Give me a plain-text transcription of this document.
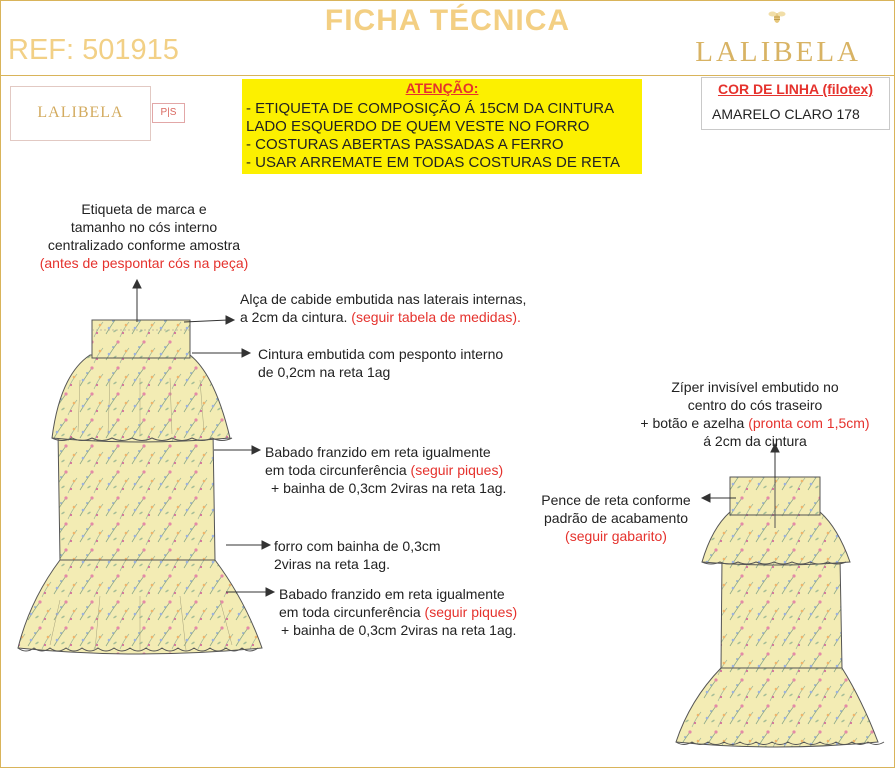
FICHA TÉCNICA
REF: 501915	LALIBELA
LALIBELA	P|S
ATENÇÃO:
- ETIQUETA DE COMPOSIÇÃO Á 15CM DA CINTURA
LADO ESQUERDO DE QUEM VESTE NO FORRO
- COSTURAS ABERTAS PASSADAS A FERRO
- USAR ARREMATE EM TODAS COSTURAS DE RETA
COR DE LINHA (filotex)
AMARELO CLARO 178
Etiqueta de marca e
tamanho no cós interno
centralizado conforme amostra
(antes de pespontar cós na peça)
Alça de cabide embutida nas laterais internas,
a 2cm da cintura. (seguir tabela de medidas).
Cintura embutida com pesponto interno
de 0,2cm na reta 1ag
Babado franzido em reta igualmente
em toda circunferência (seguir piques)
+ bainha de 0,3cm 2viras na reta 1ag.
forro com bainha de 0,3cm
2viras na reta 1ag.
Babado franzido em reta igualmente
em toda circunferência (seguir piques)
+ bainha de 0,3cm 2viras na reta 1ag.
Zíper invisível embutido no
centro do cós traseiro
+ botão e azelha (pronta com 1,5cm)
á 2cm da cintura
Pence de reta conforme
padrão de acabamento
(seguir gabarito)
